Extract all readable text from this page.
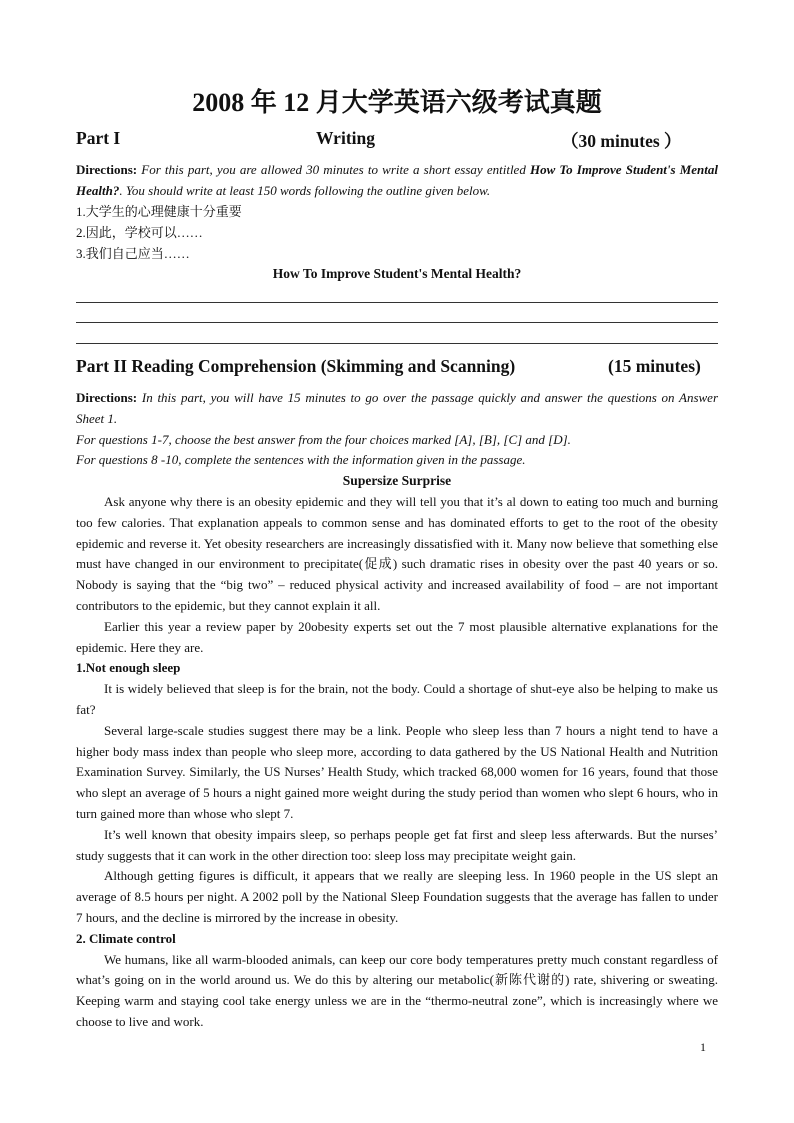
2008 年 12 月大学英语六级考试真题
Part I	Writing	（30 minutes ）
Directions: For this part, you are allowed 30 minutes to write a short essay entitled How To Improve Student's Mental Health?. You should write at least 150 words following the outline given below.
1.大学生的心理健康十分重要
2.因此，学校可以……
3.我们自己应当……
How To Improve Student's Mental Health?
Part II Reading Comprehension (Skimming and Scanning)	(15 minutes)
Directions: In this part, you will have 15 minutes to go over the passage quickly and answer the questions on Answer Sheet 1.
For questions 1-7, choose the best answer from the four choices marked [A], [B], [C] and [D].
For questions 8 -10, complete the sentences with the information given in the passage.
Supersize Surprise

Ask anyone why there is an obesity epidemic and they will tell you that it’s al down to eating too much and burning too few calories. That explanation appeals to common sense and has dominated efforts to get to the root of the obesity epidemic and reverse it. Yet obesity researchers are increasingly dissatisfied with it. Many now believe that something else must have changed in our environment to precipitate(促成) such dramatic rises in obesity over the past 40 years or so. Nobody is saying that the “big two” – reduced physical activity and increased availability of food – are not important contributors to the epidemic, but they cannot explain it all.

Earlier this year a review paper by 20obesity experts set out the 7 most plausible alternative explanations for the epidemic. Here they are.

1.Not enough sleep

It is widely believed that sleep is for the brain, not the body. Could a shortage of shut-eye also be helping to make us fat?

Several large-scale studies suggest there may be a link. People who sleep less than 7 hours a night tend to have a higher body mass index than people who sleep more, according to data gathered by the US National Health and Nutrition Examination Survey. Similarly, the US Nurses’ Health Study, which tracked 68,000 women for 16 years, found that those who slept an average of 5 hours a night gained more weight during the study period than women who slept 6 hours, who in turn gained more than whose who slept 7.

It’s well known that obesity impairs sleep, so perhaps people get fat first and sleep less afterwards. But the nurses’ study suggests that it can work in the other direction too: sleep loss may precipitate weight gain.

Although getting figures is difficult, it appears that we really are sleeping less. In 1960 people in the US slept an average of 8.5 hours per night. A 2002 poll by the National Sleep Foundation suggests that the average has fallen to under 7 hours, and the decline is mirrored by the increase in obesity.

2. Climate control

We humans, like all warm-blooded animals, can keep our core body temperatures pretty much constant regardless of what’s going on in the world around us. We do this by altering our metabolic(新陈代谢的) rate, shivering or sweating. Keeping warm and staying cool take energy unless we are in the “thermo-neutral zone”, which is increasingly where we choose to live and work.

1
